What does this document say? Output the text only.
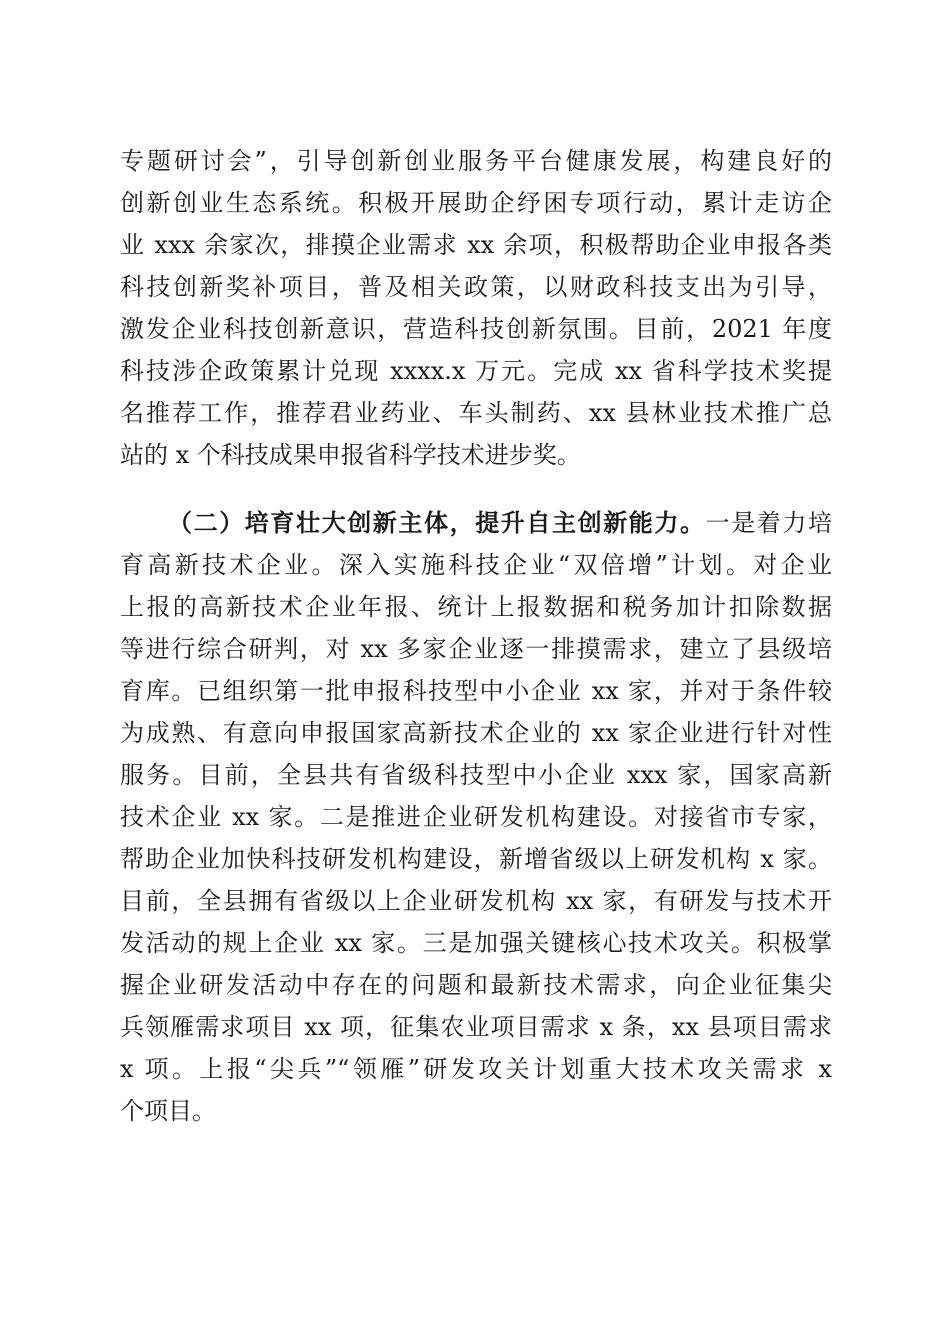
专题研讨会”，引导创新创业服务平台健康发展，构建良好的
创新创业生态系统。积极开展助企纾困专项行动，累计走访企
业 xxx 余家次，排摸企业需求 xx 余项，积极帮助企业申报各类
科技创新奖补项目，普及相关政策，以财政科技支出为引导，
激发企业科技创新意识，营造科技创新氛围。目前，2021 年度
科技涉企政策累计兑现 xxxx.x 万元。完成 xx 省科学技术奖提
名推荐工作，推荐君业药业、车头制药、xx 县林业技术推广总
站的 x 个科技成果申报省科学技术进步奖。
（二）培育壮大创新主体，提升自主创新能力。一是着力培
育高新技术企业。深入实施科技企业“双倍增”计划。对企业
上报的高新技术企业年报、统计上报数据和税务加计扣除数据
等进行综合研判，对 xx 多家企业逐一排摸需求，建立了县级培
育库。已组织第一批申报科技型中小企业 xx 家，并对于条件较
为成熟、有意向申报国家高新技术企业的 xx 家企业进行针对性
服务。目前，全县共有省级科技型中小企业 xxx 家，国家高新
技术企业 xx 家。二是推进企业研发机构建设。对接省市专家，
帮助企业加快科技研发机构建设，新增省级以上研发机构 x 家。
目前，全县拥有省级以上企业研发机构 xx 家，有研发与技术开
发活动的规上企业 xx 家。三是加强关键核心技术攻关。积极掌
握企业研发活动中存在的问题和最新技术需求，向企业征集尖
兵领雁需求项目 xx 项，征集农业项目需求 x 条，xx 县项目需求
x 项。上报“尖兵”“领雁”研发攻关计划重大技术攻关需求 x
个项目。
